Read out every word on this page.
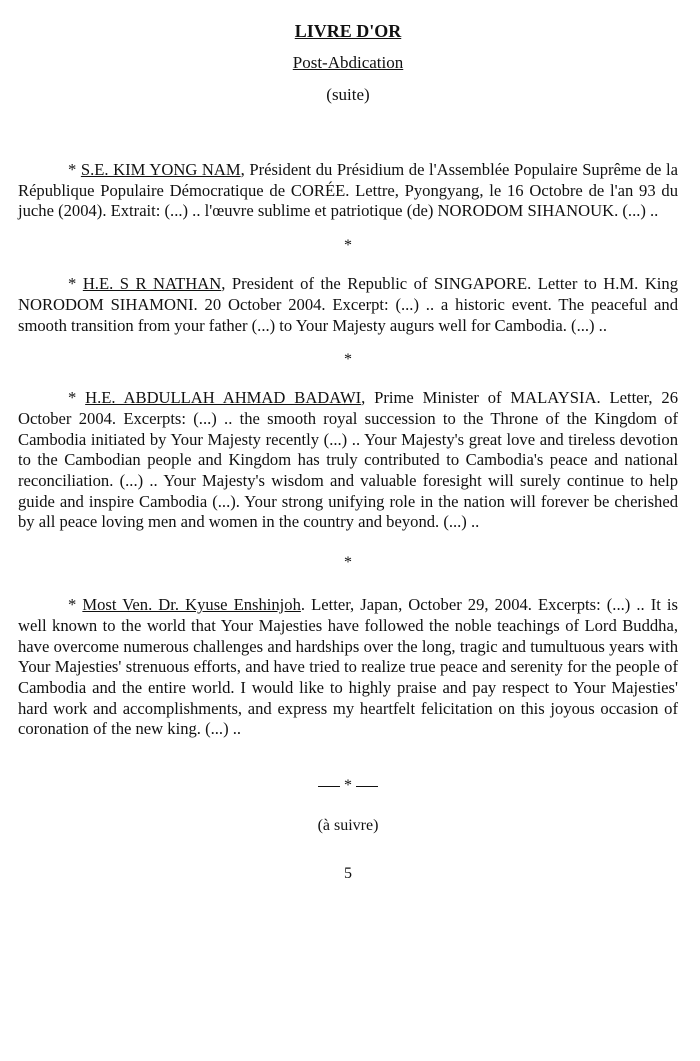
LIVRE D'OR

Post-Abdication

(suite)

* S.E. KIM YONG NAM, Président du Présidium de l'Assemblée Populaire Suprême de la République Populaire Démocratique de CORÉE. Lettre, Pyongyang, le 16 Octobre de l'an 93 du juche (2004). Extrait: (...) .. l'œuvre sublime et patriotique (de) NORODOM SIHANOUK. (...) ..

*

* H.E. S R NATHAN, President of the Republic of SINGAPORE. Letter to H.M. King NORODOM SIHAMONI. 20 October 2004. Excerpt: (...) .. a historic event. The peaceful and smooth transition from your father (...) to Your Majesty augurs well for Cambodia. (...) ..

*

* H.E. ABDULLAH AHMAD BADAWI, Prime Minister of MALAYSIA. Letter, 26 October 2004. Excerpts: (...) .. the smooth royal succession to the Throne of the Kingdom of Cambodia initiated by Your Majesty recently (...) .. Your Majesty's great love and tireless devotion to the Cambodian people and Kingdom has truly contributed to Cambodia's peace and national reconciliation. (...) .. Your Majesty's wisdom and valuable foresight will surely continue to help guide and inspire Cambodia (...). Your strong unifying role in the nation will forever be cherished by all peace loving men and women in the country and beyond. (...) ..

*

* Most Ven. Dr. Kyuse Enshinjoh. Letter, Japan, October 29, 2004. Excerpts: (...) .. It is well known to the world that Your Majesties have followed the noble teachings of Lord Buddha, have overcome numerous challenges and hardships over the long, tragic and tumultuous years with Your Majesties' strenuous efforts, and have tried to realize true peace and serenity for the people of Cambodia and the entire world. I would like to highly praise and pay respect to Your Majesties' hard work and accomplishments, and express my heartfelt felicitation on this joyous occasion of coronation of the new king. (...) ..

*

(à suivre)

5
